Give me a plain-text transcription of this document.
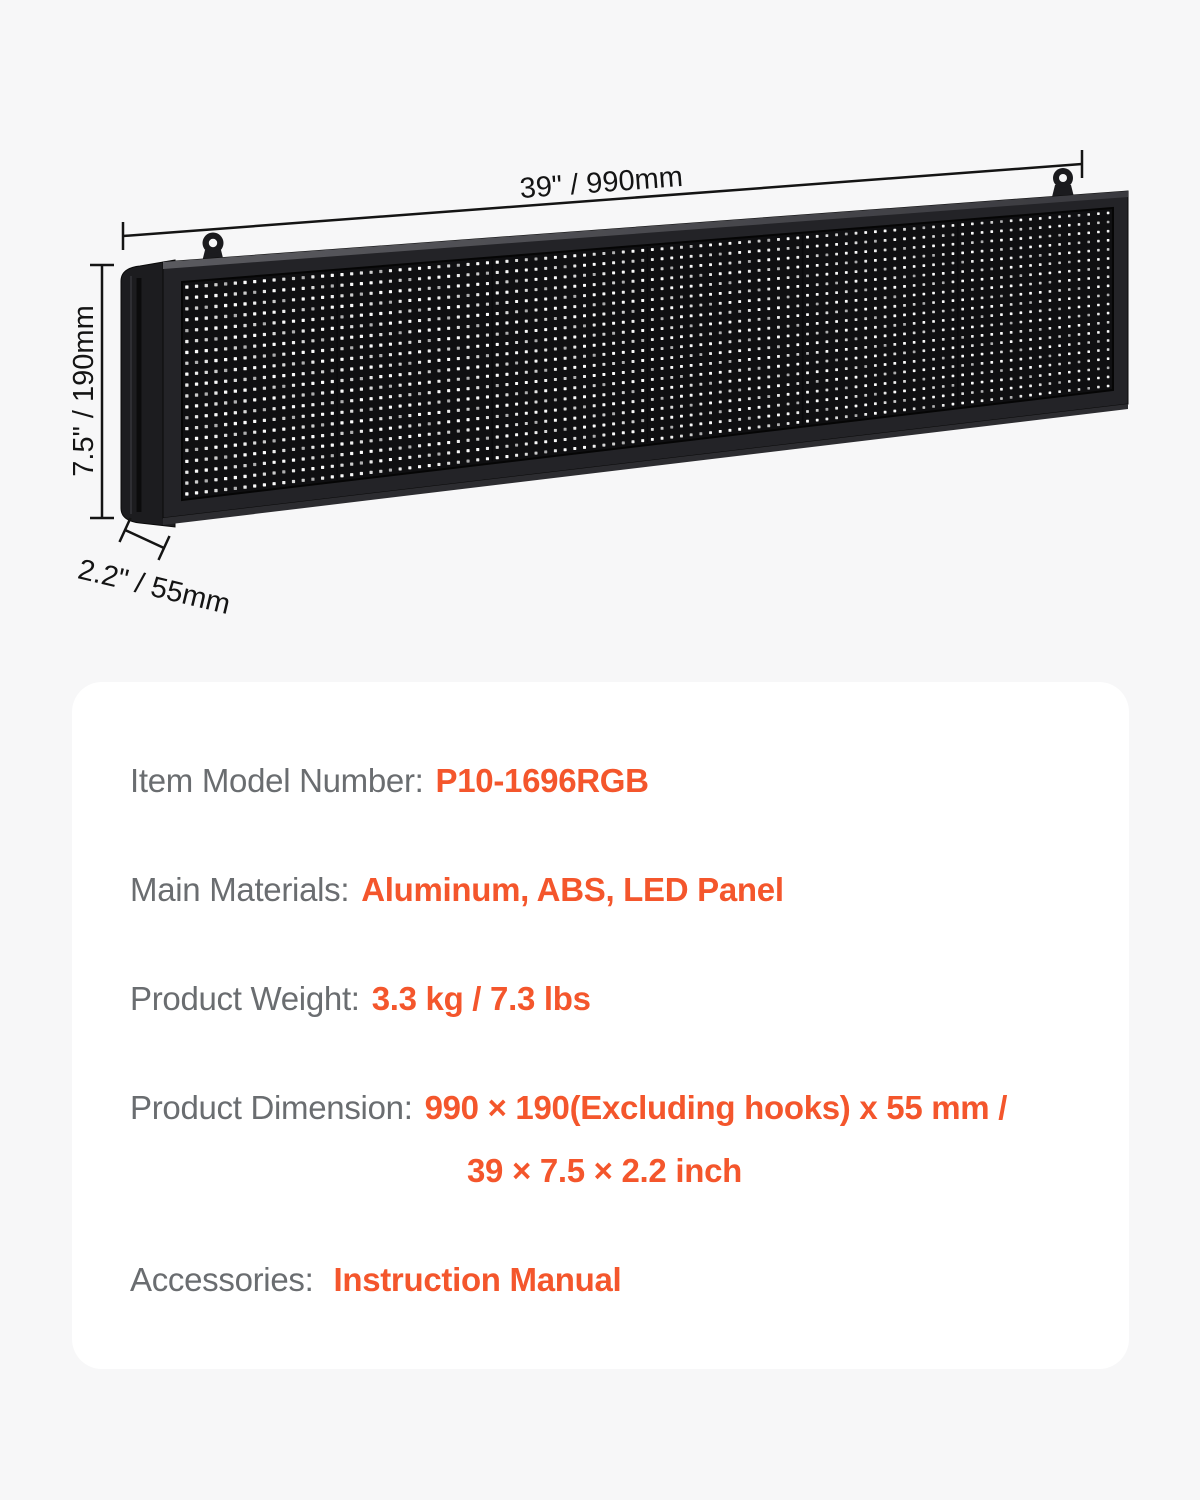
39" / 990mm
7.5" / 190mm
2.2" / 55mm

Item Model Number: P10-1696RGB

Main Materials: Aluminum, ABS, LED Panel

Product Weight: 3.3 kg / 7.3 lbs

Product Dimension: 990 × 190(Excluding hooks) x 55 mm /
39 × 7.5 × 2.2 inch

Accessories: Instruction Manual
